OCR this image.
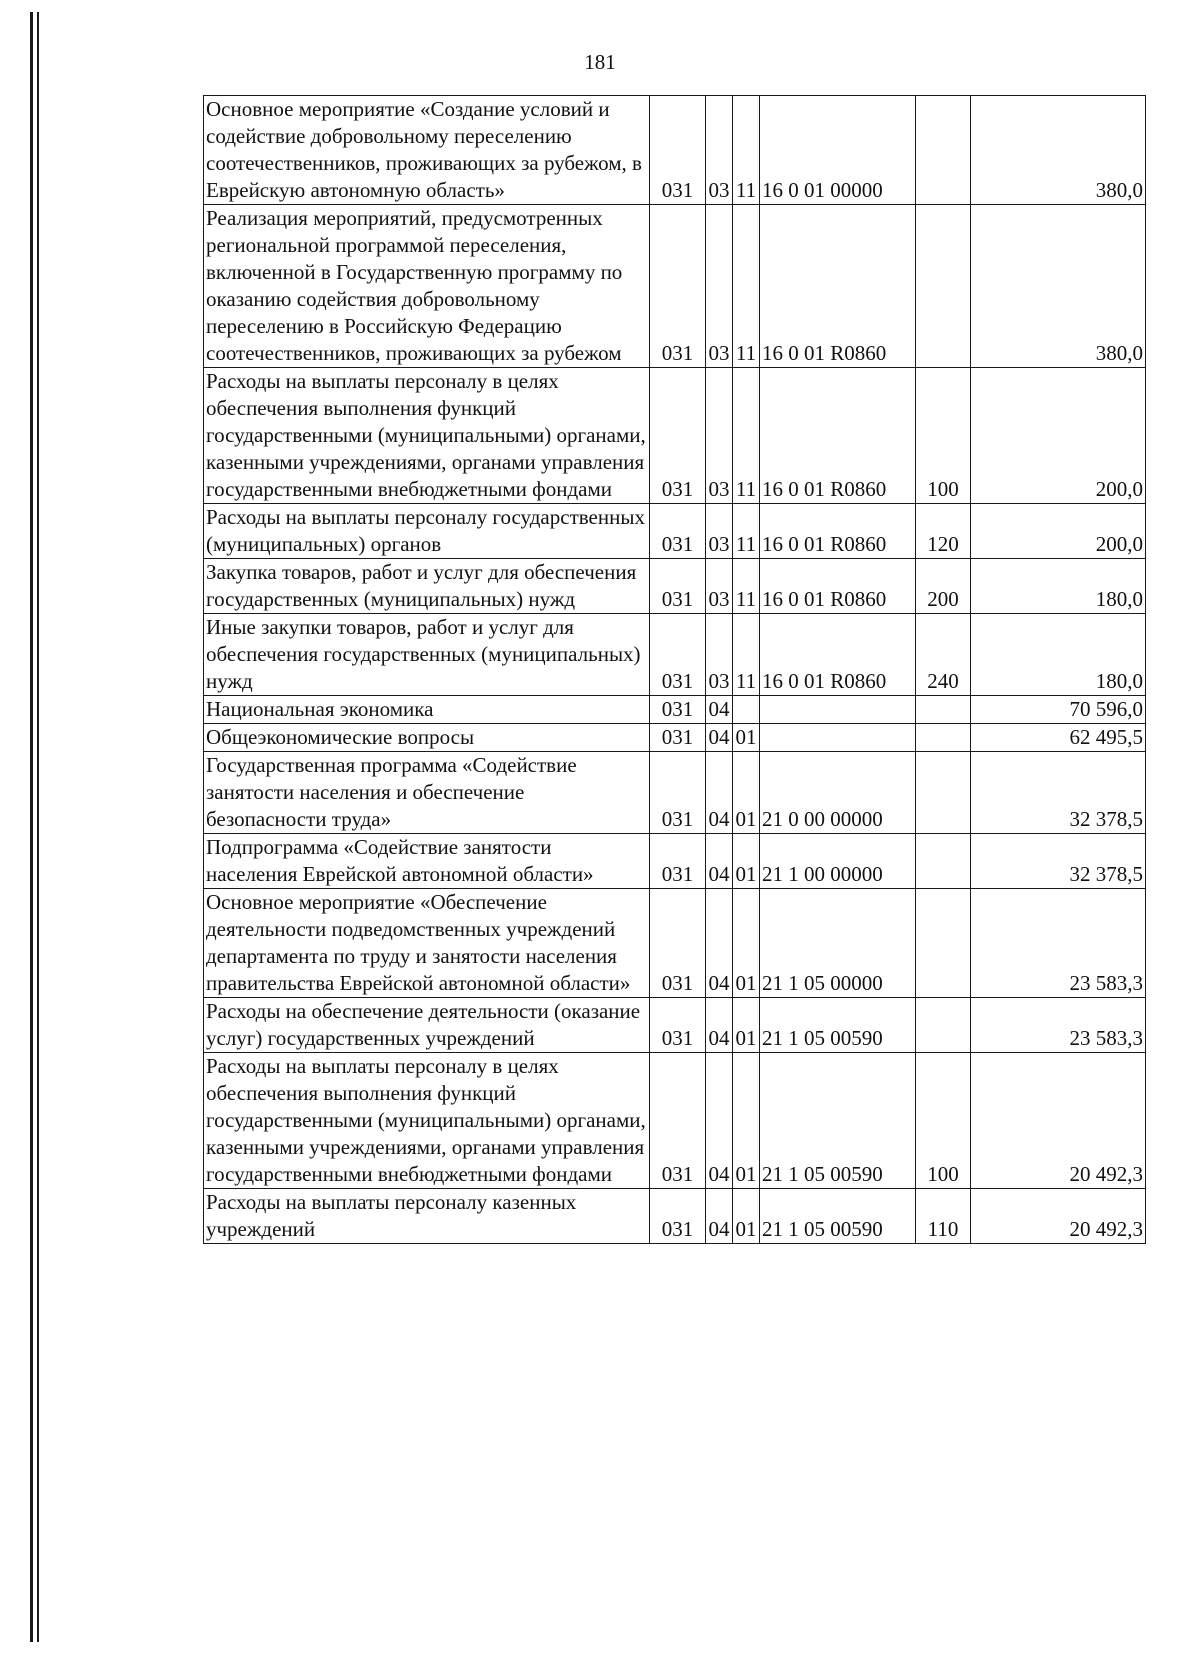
181
Основное мероприятие «Создание условий и содействие добровольному переселению соотечественников, проживающих за рубежом, в Еврейскую автономную область»	031	03	11	16 0 01 00000		380,0
Реализация мероприятий, предусмотренных региональной программой переселения, включенной в Государственную программу по оказанию содействия добровольному переселению в Российскую Федерацию соотечественников, проживающих за рубежом	031	03	11	16 0 01 R0860		380,0
Расходы на выплаты персоналу в целях обеспечения выполнения функций государственными (муниципальными) органами, казенными учреждениями, органами управления государственными внебюджетными фондами	031	03	11	16 0 01 R0860	100	200,0
Расходы на выплаты персоналу государственных (муниципальных) органов	031	03	11	16 0 01 R0860	120	200,0
Закупка товаров, работ и услуг для обеспечения государственных (муниципальных) нужд	031	03	11	16 0 01 R0860	200	180,0
Иные закупки товаров, работ и услуг для обеспечения государственных (муниципальных) нужд	031	03	11	16 0 01 R0860	240	180,0
Национальная экономика	031	04				70 596,0
Общеэкономические вопросы	031	04	01			62 495,5
Государственная программа «Содействие занятости населения и обеспечение безопасности труда»	031	04	01	21 0 00 00000		32 378,5
Подпрограмма «Содействие занятости населения Еврейской автономной области»	031	04	01	21 1 00 00000		32 378,5
Основное мероприятие «Обеспечение деятельности подведомственных учреждений департамента по труду и занятости населения правительства Еврейской автономной области»	031	04	01	21 1 05 00000		23 583,3
Расходы на обеспечение деятельности (оказание услуг) государственных учреждений	031	04	01	21 1 05 00590		23 583,3
Расходы на выплаты персоналу в целях обеспечения выполнения функций государственными (муниципальными) органами, казенными учреждениями, органами управления государственными внебюджетными фондами	031	04	01	21 1 05 00590	100	20 492,3
Расходы на выплаты персоналу казенных учреждений	031	04	01	21 1 05 00590	110	20 492,3
